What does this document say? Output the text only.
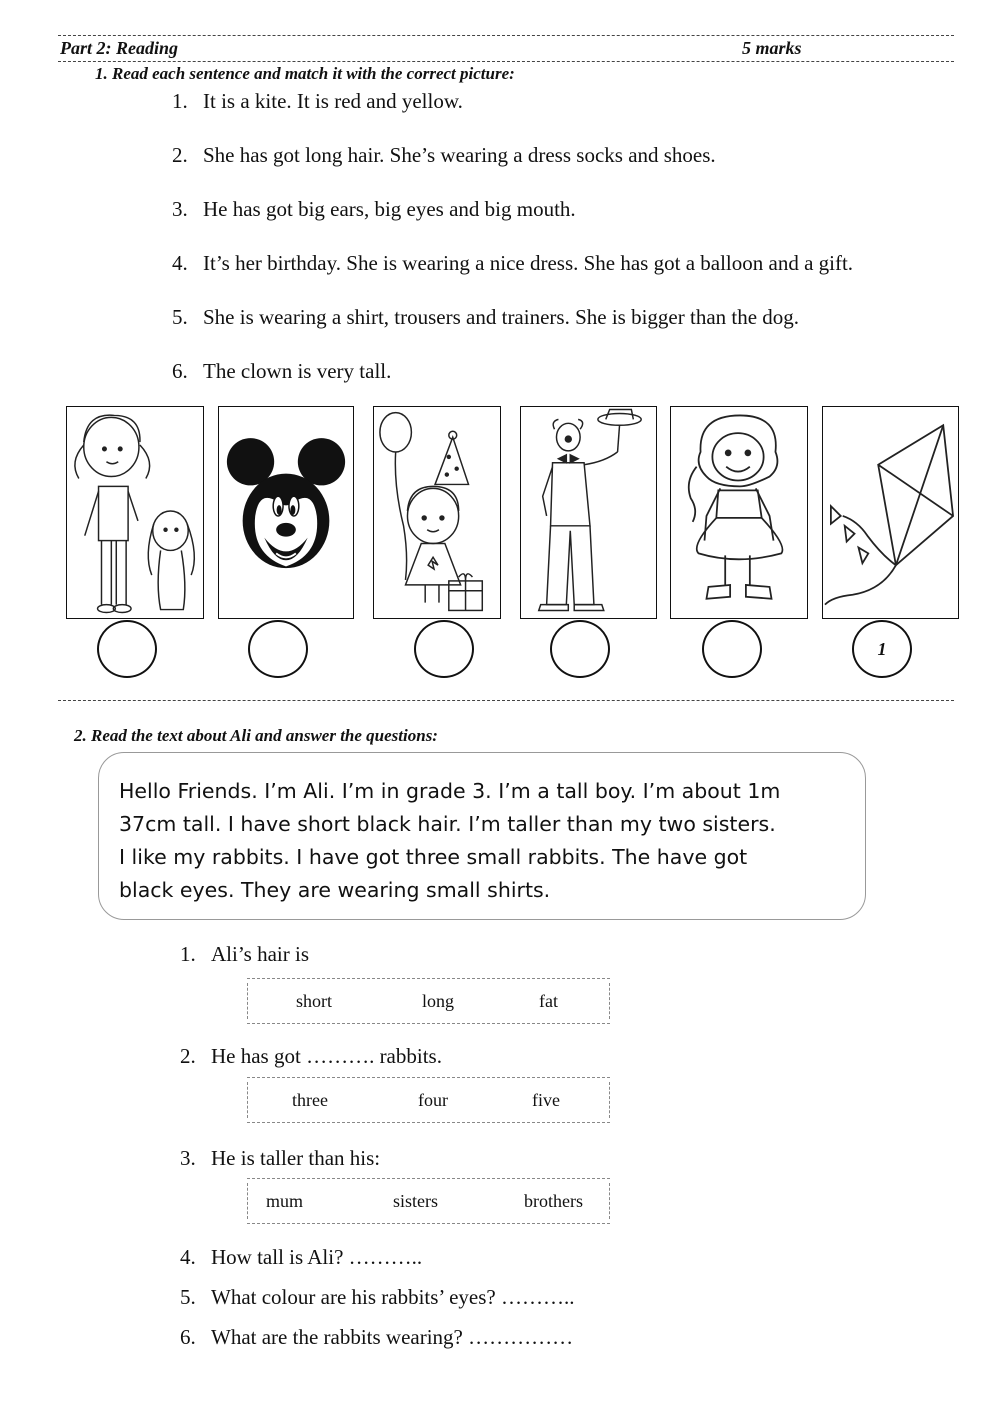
Part 2: Reading	5 marks
1. Read each sentence and match it with the correct picture:
1. It is a kite. It is red and yellow.
2. She has got long hair. She’s wearing a dress socks and shoes.
3. He has got big ears, big eyes and big mouth.
4. It’s her birthday. She is wearing a nice dress. She has got a balloon and a gift.
5. She is wearing a shirt, trousers and trainers. She is bigger than the dog.
6. The clown is very tall.
1
2. Read the text about Ali and answer the questions:
Hello Friends. I’m Ali. I’m in grade 3. I’m a tall boy. I’m about 1m
37cm tall. I have short black hair. I’m taller than my two sisters.
I like my rabbits. I have got three small rabbits. The have got
black eyes. They are wearing small shirts.
1. Ali’s hair is
short	long	fat
2. He has got ………. rabbits.
three	four	five
3. He is taller than his:
mum	sisters	brothers
4. How tall is Ali? ………..
5. What colour are his rabbits’ eyes? ………..
6. What are the rabbits wearing? ……………
